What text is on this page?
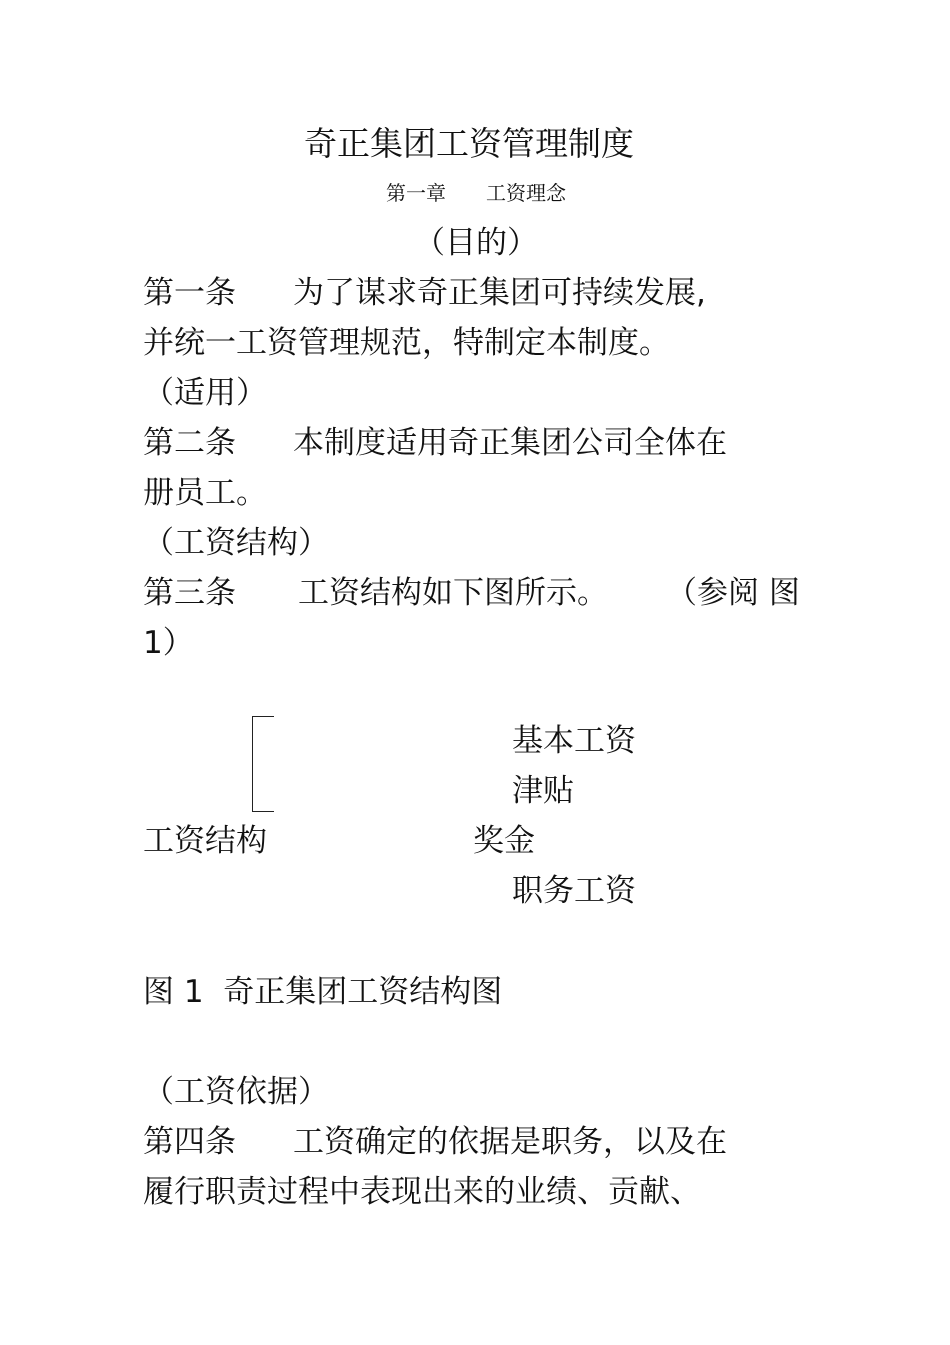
奇正集团工资管理制度
第一章 工资理念
（目的）
第一条 为了谋求奇正集团可持续发展,
并统一工资管理规范，特制定本制度。
（适用）
第二条 本制度适用奇正集团公司全体在
册员工。
（工资结构）
第三条 工资结构如下图所示。 （参阅 图
1）
基本工资
津贴
工资结构	奖金
职务工资
图 1  奇正集团工资结构图
（工资依据）
第四条 工资确定的依据是职务，以及在
履行职责过程中表现出来的业绩、贡献、
